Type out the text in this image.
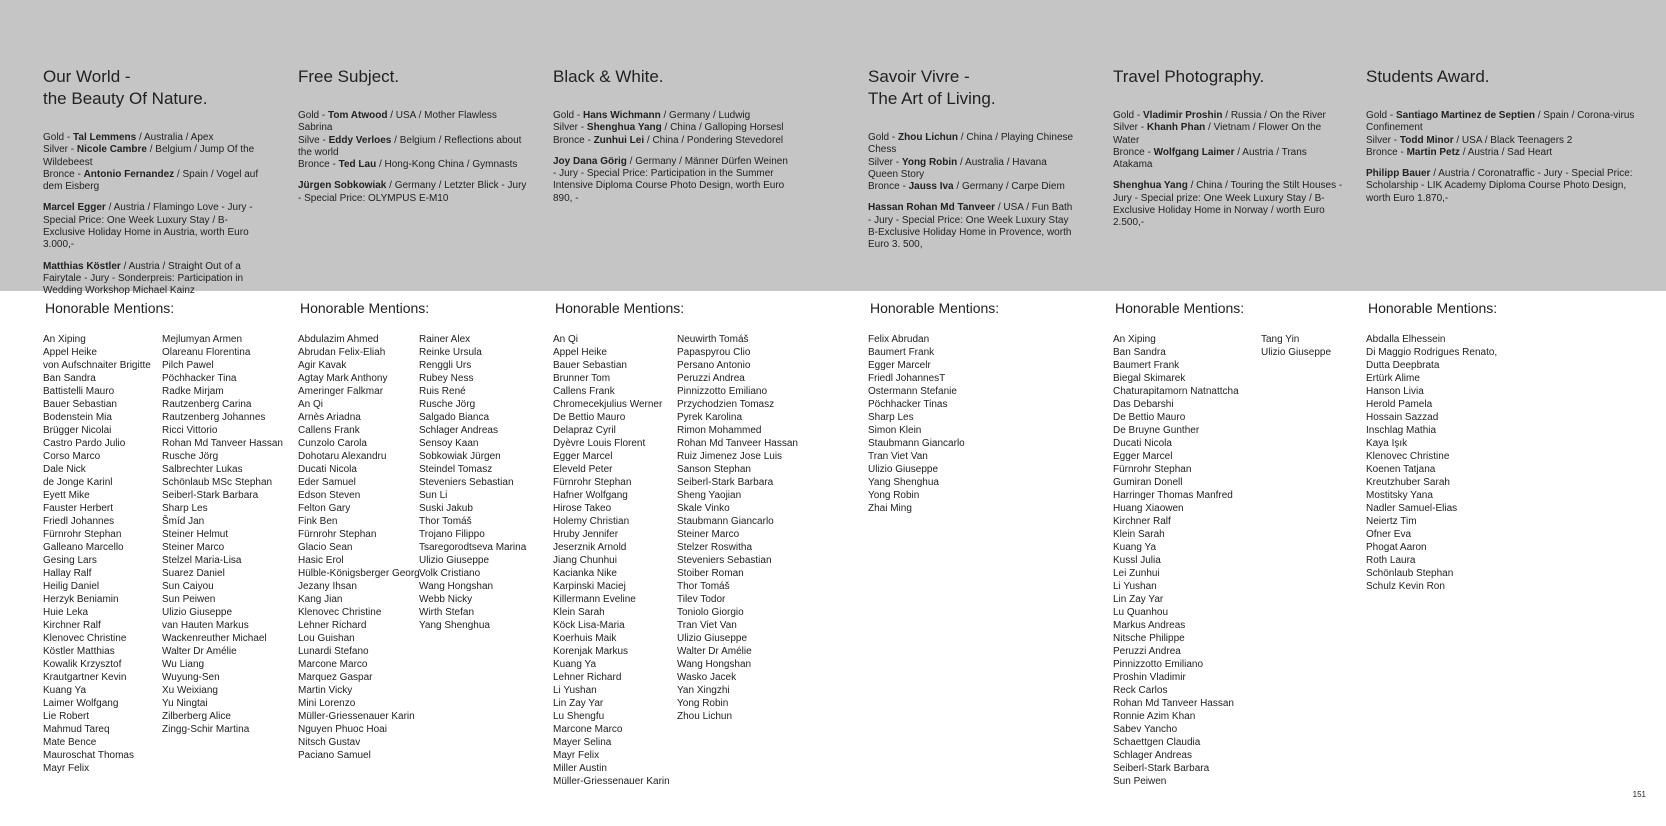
Our World -
the Beauty Of Nature.

Gold - Tal Lemmens / Australia / Apex

Silver - Nicole Cambre / Belgium / Jump Of the Wildebeest

Bronce - Antonio Fernandez / Spain / Vogel auf dem Eisberg

Marcel Egger / Austria / Flamingo Love - Jury - Special Price: One Week Luxury Stay / B-Exclusive Holiday Home in Austria, worth Euro 3.000,-

Matthias Köstler / Austria / Straight Out of a Fairytale - Jury - Sonderpreis: Participation in Wedding Workshop Michael Kainz

Free Subject.

Gold - Tom Atwood / USA / Mother Flawless Sabrina

Silve - Eddy Verloes / Belgium / Reflections about the world

Bronce - Ted Lau / Hong-Kong China / Gymnasts

Jürgen Sobkowiak / Germany / Letzter Blick - Jury - Special Price: OLYMPUS E-M10

Black & White.

Gold - Hans Wichmann / Germany / Ludwig

Silver - Shenghua Yang / China / Galloping Horsesl

Bronce - Zunhui Lei / China / Pondering Stevedorel

Joy Dana Görig / Germany / Männer Dürfen Weinen - Jury - Special Price: Participation in the Summer Intensive Diploma Course Photo Design, worth Euro 890, -

Savoir Vivre -
The Art of Living.

Gold - Zhou Lichun / China / Playing Chinese Chess

Silver - Yong Robin / Australia / Havana Queen Story

Bronce - Jauss Iva / Germany / Carpe Diem

Hassan Rohan Md Tanveer / USA / Fun Bath - Jury - Special Price: One Week Luxury Stay B-Exclusive Holiday Home in Provence, worth Euro 3. 500,

Travel Photography.

Gold - Vladimir Proshin / Russia / On the River

Silver - Khanh Phan / Vietnam / Flower On the Water

Bronce - Wolfgang Laimer / Austria / Trans Atakama

Shenghua Yang / China / Touring the Stilt Houses - Jury - Special prize: One Week Luxury Stay / B-Exclusive Holiday Home in Norway / worth Euro 2.500,-

Students Award.

Gold - Santiago Martinez de Septien / Spain / Corona-virus Confinement

Silver - Todd Minor / USA / Black Teenagers 2

Bronce - Martin Petz / Austria / Sad Heart

Philipp Bauer / Austria / Coronatraffic - Jury - Special Price: Scholarship - LIK Academy Diploma Course Photo Design, worth Euro 1.870,-

Honorable Mentions:
An Xiping
Appel Heike
von Aufschnaiter Brigitte
Ban Sandra
Battistelli Mauro
Bauer Sebastian
Bodenstein Mia
Brügger Nicolai
Castro Pardo Julio
Corso Marco
Dale Nick
de Jonge Karinl
Eyett Mike
Fauster Herbert
Friedl Johannes
Fürnrohr Stephan
Galleano Marcello
Gesing Lars
Hallay Ralf
Heilig Daniel
Herzyk Beniamin
Huie Leka
Kirchner Ralf
Klenovec Christine
Köstler Matthias
Kowalik Krzysztof
Krautgartner Kevin
Kuang Ya
Laimer Wolfgang
Lie Robert
Mahmud Tareq
Mate Bence
Mauroschat Thomas
Mayr Felix
Mejlumyan Armen
Olareanu Florentina
Pilch Pawel
Pöchhacker Tina
Radke Mirjam
Rautzenberg Carina
Rautzenberg Johannes
Ricci Vittorio
Rohan Md Tanveer Hassan
Rusche Jörg
Salbrechter Lukas
Schönlaub MSc Stephan
Seiberl-Stark Barbara
Sharp Les
Šmíd Jan
Steiner Helmut
Steiner Marco
Stelzel Maria-Lisa
Suarez Daniel
Sun Caiyou
Sun Peiwen
Ulizio Giuseppe
van Hauten Markus
Wackenreuther Michael
Walter Dr Amélie
Wu Liang
Wuyung-Sen
Xu Weixiang
Yu Ningtai
Zilberberg Alice
Zingg-Schir Martina
Honorable Mentions:
Abdulazim Ahmed
Abrudan Felix-Eliah
Agir Kavak
Agtay Mark Anthony
Ameringer Falkmar
An Qi
Arnès Ariadna
Callens Frank
Cunzolo Carola
Dohotaru Alexandru
Ducati Nicola
Eder Samuel
Edson Steven
Felton Gary
Fink Ben
Fürnrohr Stephan
Glacio Sean
Hasic Erol
Hülble-Königsberger Georg
Jezany Ihsan
Kang Jian
Klenovec Christine
Lehner Richard
Lou Guishan
Lunardi Stefano
Marcone Marco
Marquez Gaspar
Martin Vicky
Mini Lorenzo
Müller-Griessenauer Karin
Nguyen Phuoc Hoai
Nitsch Gustav
Paciano Samuel
Rainer Alex
Reinke Ursula
Renggli Urs
Rubey Ness
Ruis René
Rusche Jörg
Salgado Bianca
Schlager Andreas
Sensoy Kaan
Sobkowiak Jürgen
Steindel Tomasz
Steveniers Sebastian
Sun Li
Suski Jakub
Thor Tomáš
Trojano Filippo
Tsaregorodtseva Marina
Ulizio Giuseppe
Volk Cristiano
Wang Hongshan
Webb Nicky
Wirth Stefan
Yang Shenghua
Honorable Mentions:
An Qi
Appel Heike
Bauer Sebastian
Brunner Tom
Callens Frank
Chromecekjulius Werner
De Bettio Mauro
Delapraz Cyril
Dyèvre Louis Florent
Egger Marcel
Eleveld Peter
Fürnrohr Stephan
Hafner Wolfgang
Hirose Takeo
Holemy Christian
Hruby Jennifer
Jeserznik Arnold
Jiang Chunhui
Kacianka Nike
Karpinski Maciej
Killermann Eveline
Klein Sarah
Köck Lisa-Maria
Koerhuis Maik
Korenjak Markus
Kuang Ya
Lehner Richard
Li Yushan
Lin Zay Yar
Lu Shengfu
Marcone Marco
Mayer Selina
Mayr Felix
Miller Austin
Müller-Griessenauer Karin
Neuwirth Tomáš
Papaspyrou Clio
Persano Antonio
Peruzzi Andrea
Pinnizzotto Emiliano
Przychodzien Tomasz
Pyrek Karolina
Rimon Mohammed
Rohan Md Tanveer Hassan
Ruiz Jimenez Jose Luis
Sanson Stephan
Seiberl-Stark Barbara
Sheng Yaojian
Skale Vinko
Staubmann Giancarlo
Steiner Marco
Stelzer Roswitha
Steveniers Sebastian
Stoiber Roman
Thor Tomáš
Tilev Todor
Toniolo Giorgio
Tran Viet Van
Ulizio Giuseppe
Walter Dr Amélie
Wang Hongshan
Wasko Jacek
Yan Xingzhi
Yong Robin
Zhou Lichun
Honorable Mentions:
Felix Abrudan
Baumert Frank
Egger Marcelr
Friedl JohannesT
Ostermann Stefanie
Pöchhacker Tinas
Sharp Les
Simon Klein
Staubmann Giancarlo
Tran Viet Van
Ulizio Giuseppe
Yang Shenghua
Yong Robin
Zhai Ming
Honorable Mentions:
An Xiping
Ban Sandra
Baumert Frank
Biegal Skimarek
Chaturapitamorn Natnattcha
Das Debarshi
De Bettio Mauro
De Bruyne Gunther
Ducati Nicola
Egger Marcel
Fürnrohr Stephan
Gumiran Donell
Harringer Thomas Manfred
Huang Xiaowen
Kirchner Ralf
Klein Sarah
Kuang Ya
Kussl Julia
Lei Zunhui
Li Yushan
Lin Zay Yar
Lu Quanhou
Markus Andreas
Nitsche Philippe
Peruzzi Andrea
Pinnizzotto Emiliano
Proshin Vladimir
Reck Carlos
Rohan Md Tanveer Hassan
Ronnie Azim Khan
Sabev Yancho
Schaettgen Claudia
Schlager Andreas
Seiberl-Stark Barbara
Sun Peiwen
Tang Yin
Ulizio Giuseppe
Honorable Mentions:
Abdalla Elhessein
Di Maggio Rodrigues Renato,
Dutta Deepbrata
Ertürk Alime
Hanson Livia
Herold Pamela
Hossain Sazzad
Inschlag Mathia
Kaya Işık
Klenovec Christine
Koenen Tatjana
Kreutzhuber Sarah
Mostitsky Yana
Nadler Samuel-Elias
Neiertz Tim
Ofner Eva
Phogat Aaron
Roth Laura
Schönlaub Stephan
Schulz Kevin Ron
151
